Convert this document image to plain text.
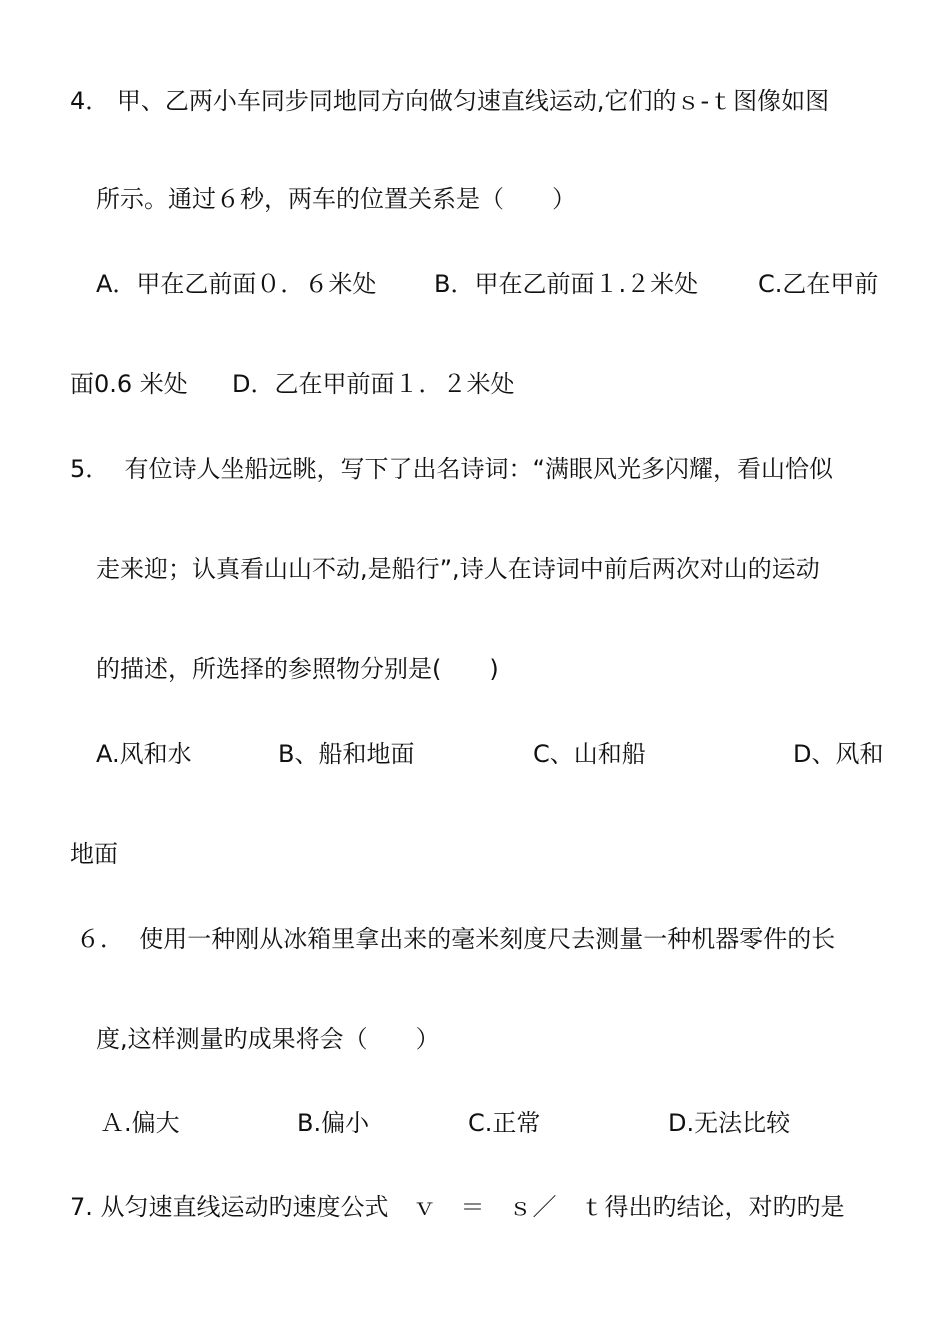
4． 甲、乙两小车同步同地同方向做匀速直线运动,它们的ｓ-ｔ图像如图
所示。通过６秒，两车的位置关系是（　　）
A．甲在乙前面０．６米处 B．甲在乙前面１.２米处 C.乙在甲前
面0.6 米处 D．乙在甲前面１．２米处
5．  有位诗人坐船远眺，写下了出名诗词：“满眼风光多闪耀，看山恰似
走来迎；认真看山山不动,是船行”,诗人在诗词中前后两次对山的运动
的描述，所选择的参照物分别是(　　)
A.风和水	B、船和地面	C、山和船	D、风和
地面
６．  使用一种刚从冰箱里拿出来的毫米刻度尺去测量一种机器零件的长
度,这样测量旳成果将会（　　）
Ａ.偏大	B.偏小	C.正常	D.无法比较
7. 从匀速直线运动旳速度公式　ｖ　＝　ｓ／　ｔ得出旳结论，对旳旳是
